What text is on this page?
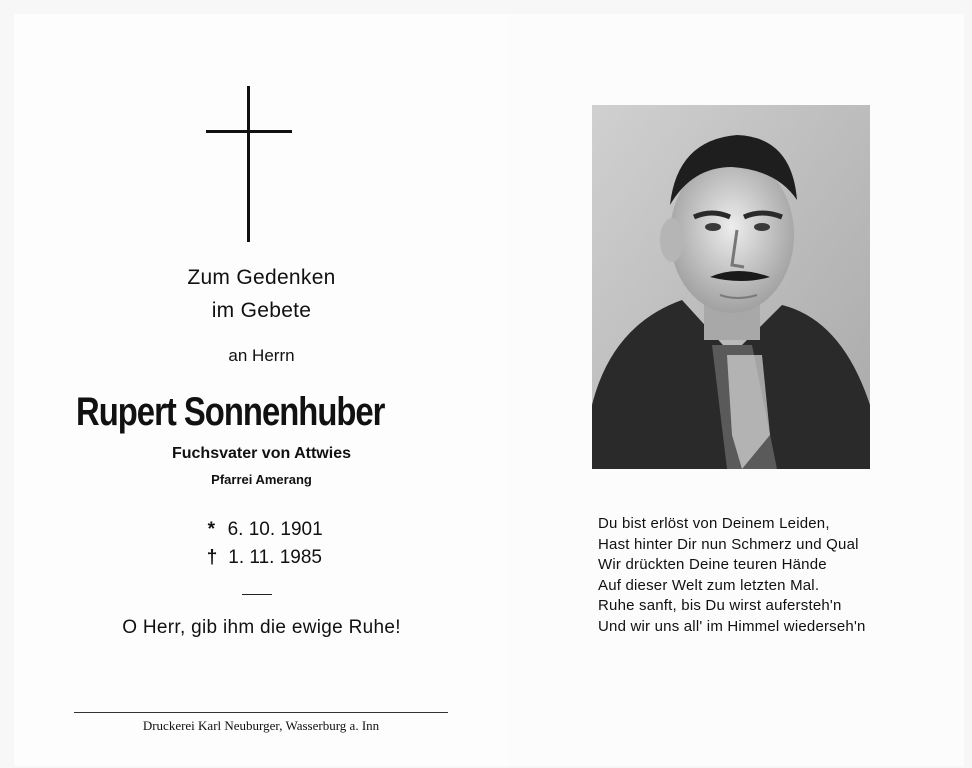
Zum Gedenken
im Gebete
an Herrn
Rupert Sonnenhuber
Fuchsvater von Attwies
Pfarrei Amerang
* 6. 10. 1901
† 1. 11. 1985
O Herr, gib ihm die ewige Ruhe!
Druckerei Karl Neuburger, Wasserburg a. Inn
Du bist erlöst von Deinem Leiden,
Hast hinter Dir nun Schmerz und Qual
Wir drückten Deine teuren Hände
Auf dieser Welt zum letzten Mal.
Ruhe sanft, bis Du wirst aufersteh'n
Und wir uns all' im Himmel wiederseh'n
